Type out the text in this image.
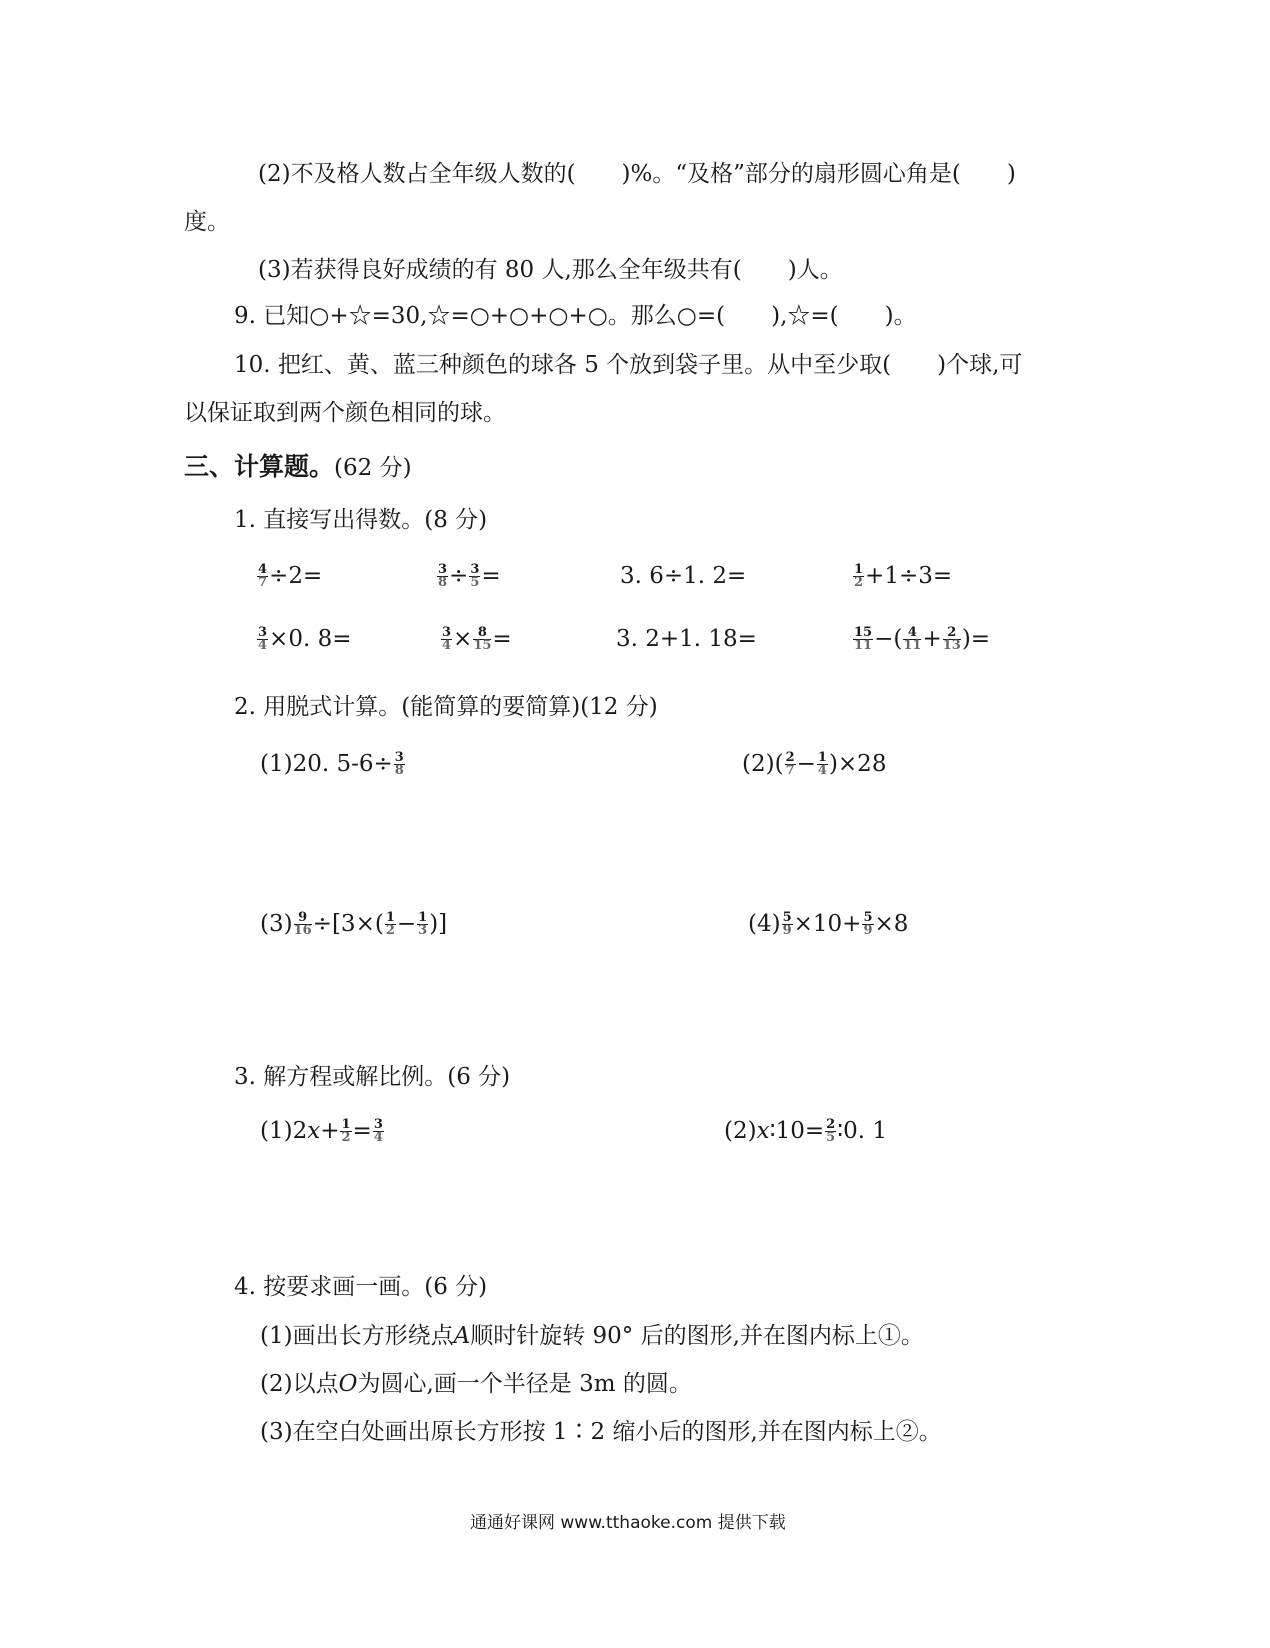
(2)不及格人数占全年级人数的(　　)%。“及格”部分的扇形圆心角是(　　)
度。
(3)若获得良好成绩的有 80 人,那么全年级共有(　　)人。
9. 已知○+☆=30,☆=○+○+○+○。那么○=(　　),☆=(　　)。
10. 把红、黄、蓝三种颜色的球各 5 个放到袋子里。从中至少取(　　)个球,可
以保证取到两个颜色相同的球。
三、计算题。(62 分)
1. 直接写出得数。(8 分)
$\frac{4}{7} \div 2=$	$\frac{3}{8} \div \frac{3}{5}$ =	3. 6÷1. 2=	$\frac{1}{2} +1\div 3=$
$\frac{3}{4} \times 0$. 8=	$\frac{3}{4} \times \frac{8}{15}$ =	3. 2+1. 18=	$\frac{15}{11}$ −( $\frac{4}{11} + \frac{2}{13}$ )=
2. 用脱式计算。(能简算的要简算)(12 分)
(1)20. $5-6\div \frac{3}{8}$	$(2)( \frac{2}{7} - \frac{1}{4} )\times 28$
$(3) \frac{9}{16} \div[3\times( \frac{1}{2} - \frac{1}{3}$ )]	$(4) \frac{5}{9} \times 10+ \frac{5}{9} \times 8$
3. 解方程或解比例。(6 分)
$(1)2x+ \frac{1}{2} = \frac{3}{4}$	(2)x∶10= $\frac{2}{5}$ ∶0. 1
4. 按要求画一画。(6 分)
(1)画出长方形绕点A顺时针旋转 90° 后的图形,并在图内标上①。
(2)以点O为圆心,画一个半径是 3m 的圆。
(3)在空白处画出原长方形按 1∶2 缩小后的图形,并在图内标上②。
通通好课网 www.tthaoke.com 提供下载
